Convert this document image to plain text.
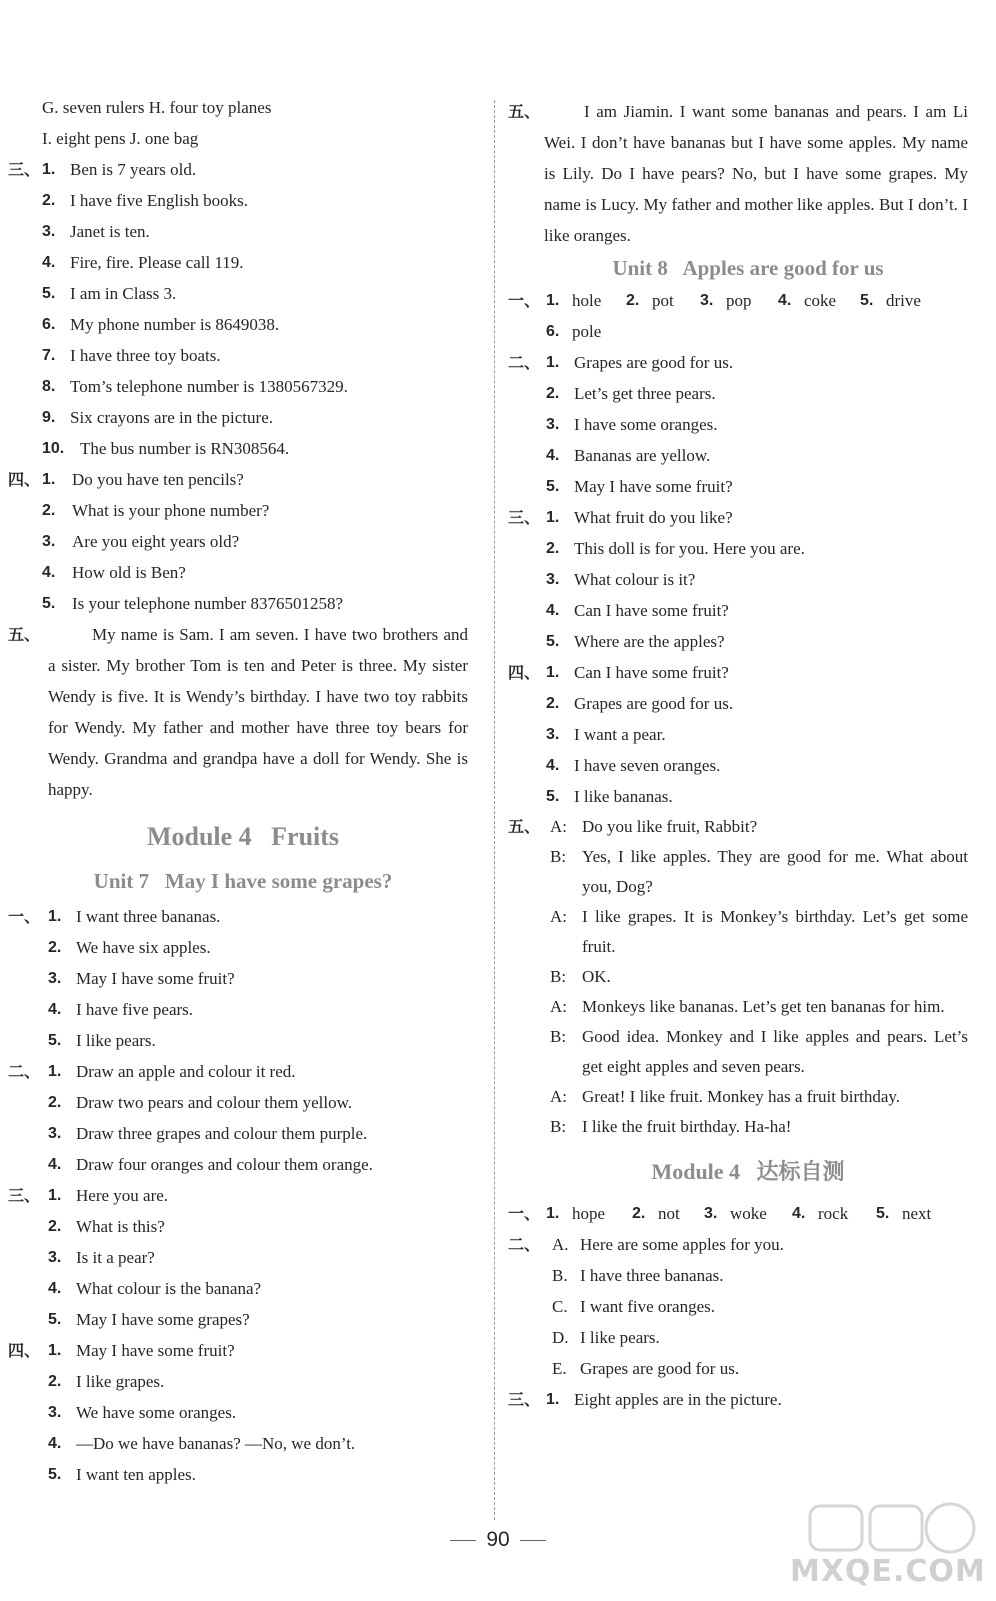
G. seven rulers H. four toy planes
I. eight pens J. one bag
三、 1. Ben is 7 years old.
2. I have five English books.
3. Janet is ten.
4. Fire, fire. Please call 119.
5. I am in Class 3.
6. My phone number is 8649038.
7. I have three toy boats.
8. Tom’s telephone number is 1380567329.
9. Six crayons are in the picture.
10. The bus number is RN308564.
四、 1. Do you have ten pencils?
2. What is your phone number?
3. Are you eight years old?
4. How old is Ben?
5. Is your telephone number 8376501258?
五、	My name is Sam. I am seven. I have two brothers and a sister. My brother Tom is ten and Peter is three. My sister Wendy is five. It is Wendy’s birthday. I have two toy rabbits for Wendy. My father and mother have three toy bears for Wendy. Grandma and grandpa have a doll for Wendy. She is happy.
Module 4   Fruits
Unit 7   May I have some grapes?
一、 1. I want three bananas.
2. We have six apples.
3. May I have some fruit?
4. I have five pears.
5. I like pears.
二、 1. Draw an apple and colour it red.
2. Draw two pears and colour them yellow.
3. Draw three grapes and colour them purple.
4. Draw four oranges and colour them orange.
三、 1. Here you are.
2. What is this?
3. Is it a pear?
4. What colour is the banana?
5. May I have some grapes?
四、 1. May I have some fruit?
2. I like grapes.
3. We have some oranges.
4. —Do we have bananas? —No, we don’t.
5. I want ten apples.
五、	I am Jiamin. I want some bananas and pears. I am Li Wei. I don’t have bananas but I have some apples. My name is Lily. Do I have pears? No, but I have some grapes. My name is Lucy. My father and mother like apples. But I don’t. I like oranges.
Unit 8   Apples are good for us
一、 1. hole 2. pot 3. pop 4. coke 5. drive
6. pole
二、 1. Grapes are good for us.
2. Let’s get three pears.
3. I have some oranges.
4. Bananas are yellow.
5. May I have some fruit?
三、 1. What fruit do you like?
2. This doll is for you. Here you are.
3. What colour is it?
4. Can I have some fruit?
5. Where are the apples?
四、 1. Can I have some fruit?
2. Grapes are good for us.
3. I want a pear.
4. I have seven oranges.
5. I like bananas.
五、 A: Do you like fruit, Rabbit?
B: Yes, I like apples. They are good for me. What about you, Dog?
A: I like grapes. It is Monkey’s birthday. Let’s get some fruit.
B: OK.
A: Monkeys like bananas. Let’s get ten bananas for him.
B: Good idea. Monkey and I like apples and pears. Let’s get eight apples and seven pears.
A: Great! I like fruit. Monkey has a fruit birthday.
B: I like the fruit birthday. Ha-ha!
Module 4   达标自测
一、 1. hope 2. not 3. woke 4. rock 5. next
二、 A. Here are some apples for you.
B. I have three bananas.
C. I want five oranges.
D. I like pears.
E. Grapes are good for us.
三、 1. Eight apples are in the picture.
90
MXQE.COM
